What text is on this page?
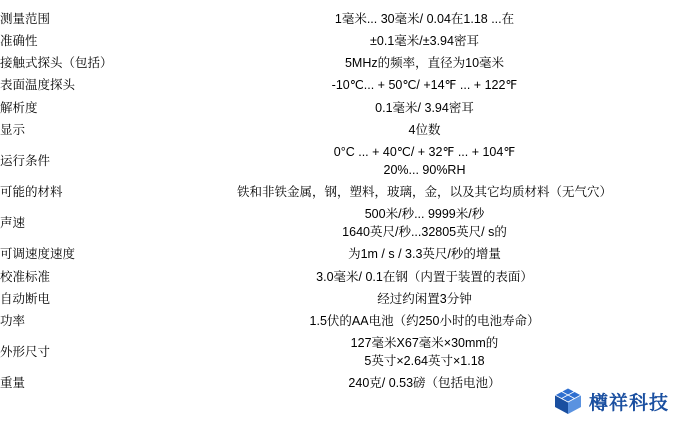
测量范围	1毫米... 30毫米/ 0.04在1.18 ...在

准确性	±0.1毫米/±3.94密耳

接触式探头（包括）	5MHz的频率，直径为10毫米

表面温度探头	-10℃... + 50℃/ +14℉ ... + 122℉

解析度	0.1毫米/ 3.94密耳

显示	4位数

运行条件	0°C ... + 40℃/ + 32℉ ... + 104℉
20%... 90%RH

可能的材料	铁和非铁金属，钢，塑料，玻璃，金，以及其它均质材料（无气穴）

声速	500米/秒... 9999米/秒
1640英尺/秒...32805英尺/ s的

可调速度速度	为1m / s / 3.3英尺/秒的增量

校准标准	3.0毫米/ 0.1在钢（内置于装置的表面）

自动断电	经过约闲置3分钟

功率	1.5伏的AA电池（约250小时的电池寿命）

外形尺寸	127毫米X67毫米×30mm的
5英寸×2.64英寸×1.18

重量	240克/ 0.53磅（包括电池）
樽祥科技
